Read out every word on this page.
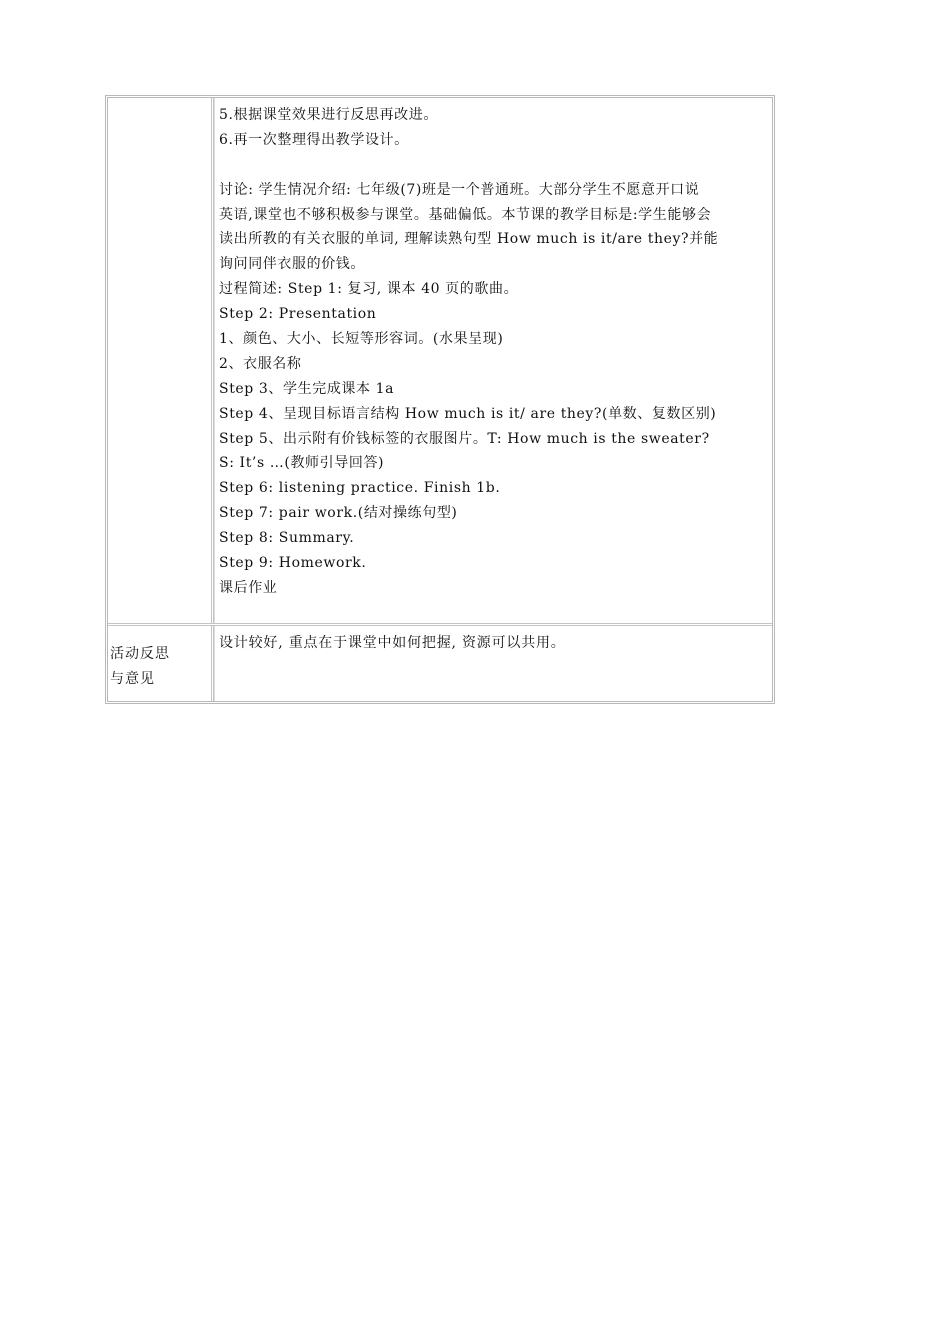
5.根据课堂效果进行反思再改进。
6.再一次整理得出教学设计。
讨论: 学生情况介绍: 七年级(7)班是一个普通班。大部分学生不愿意开口说
英语,课堂也不够积极参与课堂。基础偏低。本节课的教学目标是:学生能够会
读出所教的有关衣服的单词, 理解读熟句型 How much is it/are they?并能
询问同伴衣服的价钱。
过程简述: Step 1: 复习, 课本 40 页的歌曲。
Step 2: Presentation
1、颜色、大小、长短等形容词。(水果呈现)
2、衣服名称
Step 3、学生完成课本 1a
Step 4、呈现目标语言结构 How much is it/ are they?(单数、复数区别)
Step 5、出示附有价钱标签的衣服图片。T: How much is the sweater?
S: It’s …(教师引导回答)
Step 6: listening practice. Finish 1b.
Step 7: pair work.(结对操练句型)
Step 8: Summary.
Step 9: Homework.
课后作业
活动反思
与意见
设计较好, 重点在于课堂中如何把握, 资源可以共用。
